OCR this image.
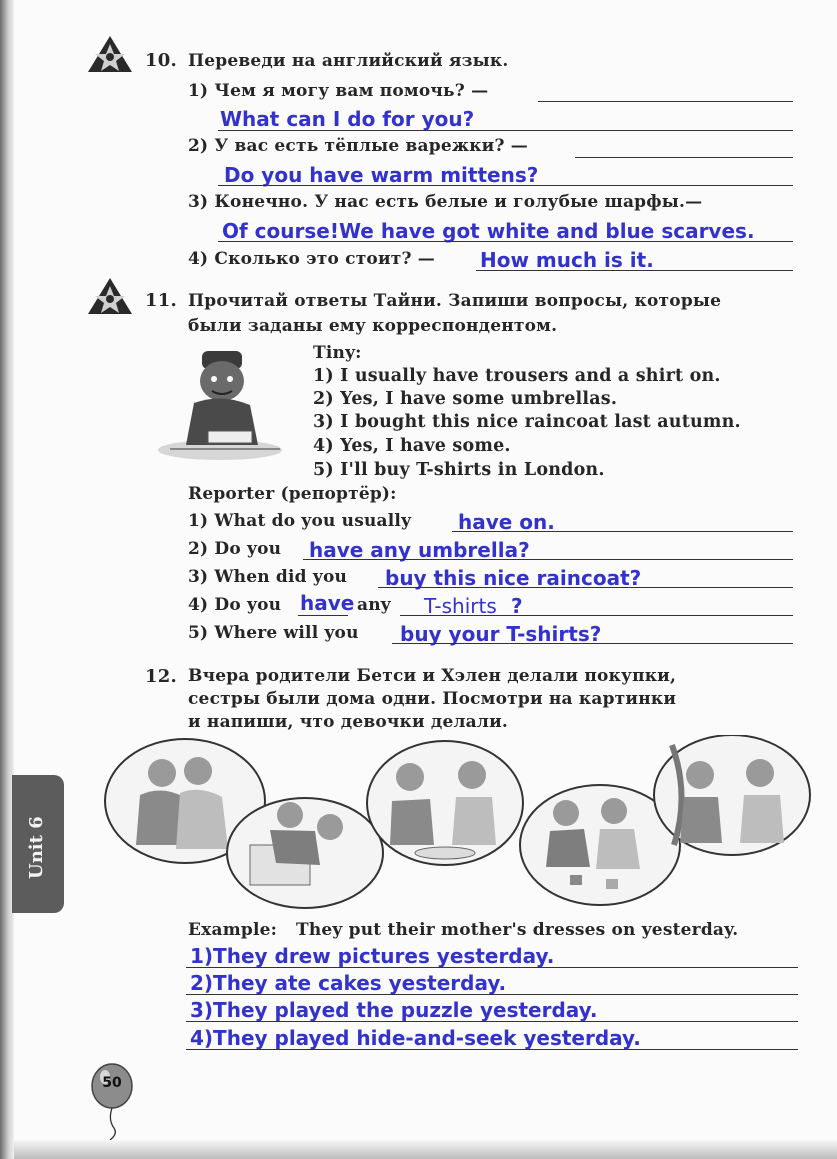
10. Переведи на английский язык.
1) Чем я могу вам помочь? —
What can I do for you?
2) У вас есть тёплые варежки? —
Do you have warm mittens?
3) Конечно. У нас есть белые и голубые шарфы.—
Of course!We have got white and blue scarves.
4) Сколько это стоит? — How much is it.
11. Прочитай ответы Тайни. Запиши вопросы, которые
были заданы ему корреспондентом.
Tiny:
1) I usually have trousers and a shirt on.
2) Yes, I have some umbrellas.
3) I bought this nice raincoat last autumn.
4) Yes, I have some.
5) I'll buy T-shirts in London.
Reporter (репортёр):
1) What do you usually have on.
2) Do you have any umbrella?
3) When did you buy this nice raincoat?
4) Do you have any T-shirts ?
5) Where will you buy your T-shirts?
12. Вчера родители Бетси и Хэлен делали покупки,
сестры были дома одни. Посмотри на картинки
и напиши, что девочки делали.
Example: They put their mother's dresses on yesterday.
1)They drew pictures yesterday.
2)They ate cakes yesterday.
3)They played the puzzle yesterday.
4)They played hide-and-seek yesterday.
Unit 6
50
